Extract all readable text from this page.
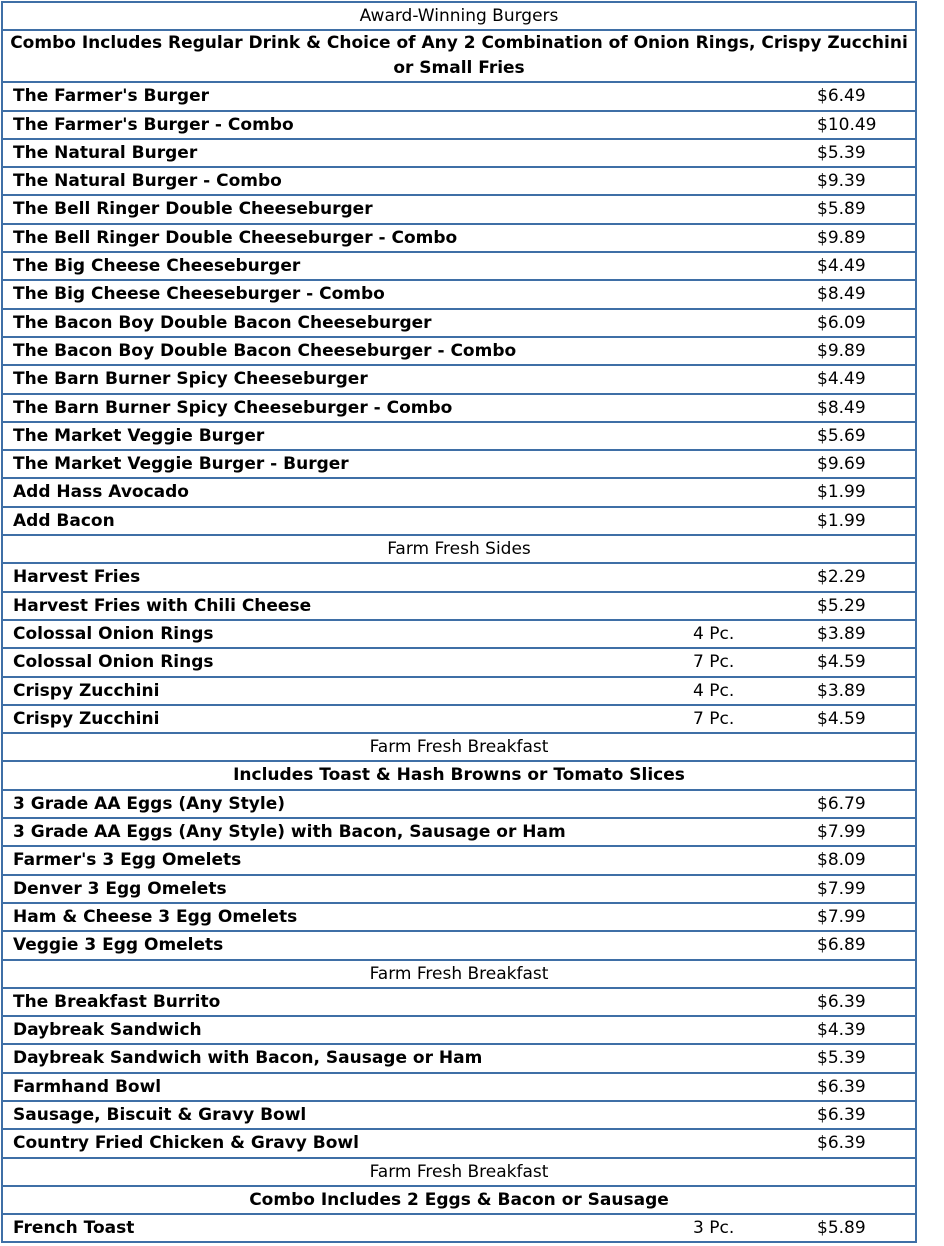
Award-Winning Burgers
Combo Includes Regular Drink & Choice of Any 2 Combination of Onion Rings, Crispy Zucchini or Small Fries
The Farmer's Burger	$6.49
The Farmer's Burger - Combo	$10.49
The Natural Burger	$5.39
The Natural Burger - Combo	$9.39
The Bell Ringer Double Cheeseburger	$5.89
The Bell Ringer Double Cheeseburger - Combo	$9.89
The Big Cheese Cheeseburger	$4.49
The Big Cheese Cheeseburger - Combo	$8.49
The Bacon Boy Double Bacon Cheeseburger	$6.09
The Bacon Boy Double Bacon Cheeseburger - Combo	$9.89
The Barn Burner Spicy Cheeseburger	$4.49
The Barn Burner Spicy Cheeseburger - Combo	$8.49
The Market Veggie Burger	$5.69
The Market Veggie Burger - Burger	$9.69
Add Hass Avocado	$1.99
Add Bacon	$1.99
Farm Fresh Sides
Harvest Fries	$2.29
Harvest Fries with Chili Cheese	$5.29
Colossal Onion Rings	4 Pc.	$3.89
Colossal Onion Rings	7 Pc.	$4.59
Crispy Zucchini	4 Pc.	$3.89
Crispy Zucchini	7 Pc.	$4.59
Farm Fresh Breakfast
Includes Toast & Hash Browns or Tomato Slices
3 Grade AA Eggs (Any Style)	$6.79
3 Grade AA Eggs (Any Style) with Bacon, Sausage or Ham	$7.99
Farmer's 3 Egg Omelets	$8.09
Denver 3 Egg Omelets	$7.99
Ham & Cheese 3 Egg Omelets	$7.99
Veggie 3 Egg Omelets	$6.89
Farm Fresh Breakfast
The Breakfast Burrito	$6.39
Daybreak Sandwich	$4.39
Daybreak Sandwich with Bacon, Sausage or Ham	$5.39
Farmhand Bowl	$6.39
Sausage, Biscuit & Gravy Bowl	$6.39
Country Fried Chicken & Gravy Bowl	$6.39
Farm Fresh Breakfast
Combo Includes 2 Eggs & Bacon or Sausage
French Toast	3 Pc.	$5.89
